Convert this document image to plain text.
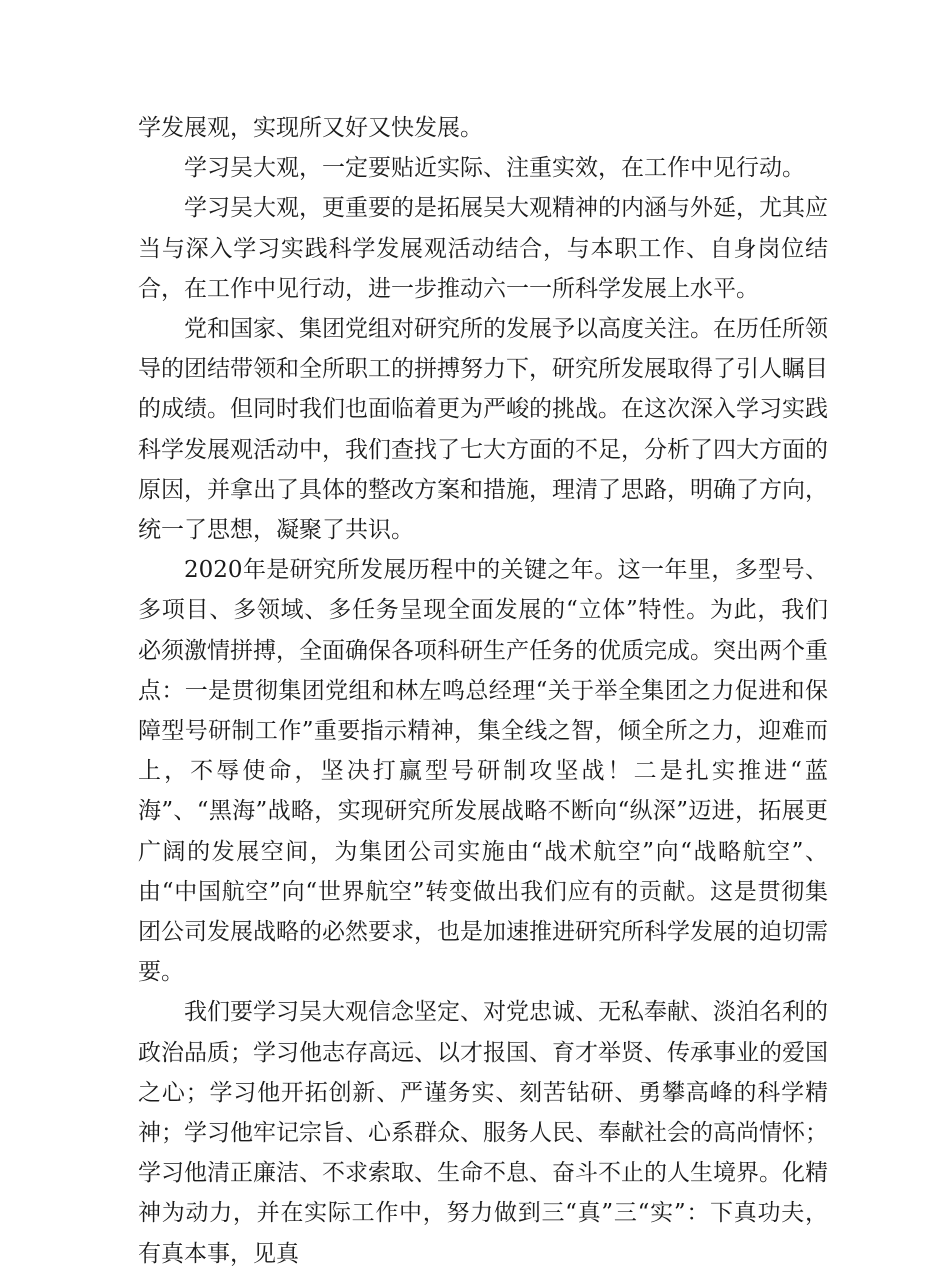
学发展观，实现所又好又快发展。

学习吴大观，一定要贴近实际、注重实效，在工作中见行动。

学习吴大观，更重要的是拓展吴大观精神的内涵与外延，尤其应当与深入学习实践科学发展观活动结合，与本职工作、自身岗位结合，在工作中见行动，进一步推动六一一所科学发展上水平。

党和国家、集团党组对研究所的发展予以高度关注。在历任所领导的团结带领和全所职工的拼搏努力下，研究所发展取得了引人瞩目的成绩。但同时我们也面临着更为严峻的挑战。在这次深入学习实践科学发展观活动中，我们查找了七大方面的不足，分析了四大方面的原因，并拿出了具体的整改方案和措施，理清了思路，明确了方向，统一了思想，凝聚了共识。

2020年是研究所发展历程中的关键之年。这一年里，多型号、多项目、多领域、多任务呈现全面发展的“立体”特性。为此，我们必须激情拼搏，全面确保各项科研生产任务的优质完成。突出两个重点：一是贯彻集团党组和林左鸣总经理“关于举全集团之力促进和保障型号研制工作”重要指示精神，集全线之智，倾全所之力，迎难而上，不辱使命，坚决打赢型号研制攻坚战！二是扎实推进“蓝海”、“黑海”战略，实现研究所发展战略不断向“纵深”迈进，拓展更广阔的发展空间，为集团公司实施由“战术航空”向“战略航空”、由“中国航空”向“世界航空”转变做出我们应有的贡献。这是贯彻集团公司发展战略的必然要求，也是加速推进研究所科学发展的迫切需要。

我们要学习吴大观信念坚定、对党忠诚、无私奉献、淡泊名利的政治品质；学习他志存高远、以才报国、育才举贤、传承事业的爱国之心；学习他开拓创新、严谨务实、刻苦钻研、勇攀高峰的科学精神；学习他牢记宗旨、心系群众、服务人民、奉献社会的高尚情怀；学习他清正廉洁、不求索取、生命不息、奋斗不止的人生境界。化精神为动力，并在实际工作中，努力做到三“真”三“实”：下真功夫，有真本事，见真
